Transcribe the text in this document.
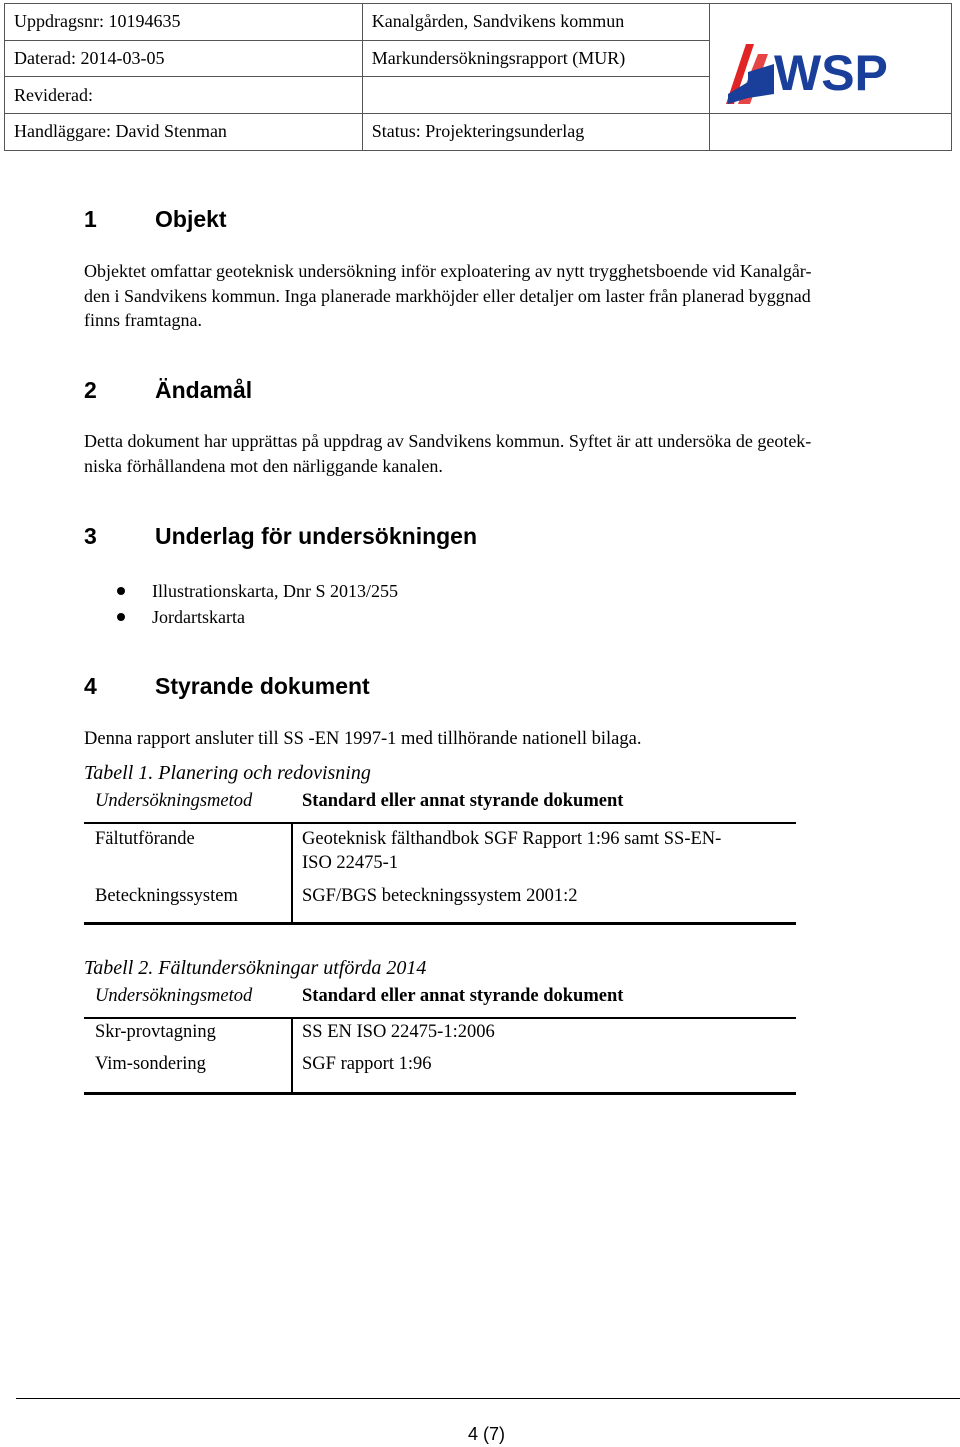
Uppdragsnr: 10194635	Kanalgården, Sandvikens kommun	WSP

Daterad: 2014-03-05	Markundersökningsrapport (MUR)	
Reviderad:		
Handläggare: David Stenman	Status: Projekteringsunderlag	
1	Objekt
Objektet omfattar geoteknisk undersökning inför exploatering av nytt trygghetsboende vid Kanalgår-
den i Sandvikens kommun. Inga planerade markhöjder eller detaljer om laster från planerad byggnad
finns framtagna.
2	Ändamål
Detta dokument har upprättas på uppdrag av Sandvikens kommun. Syftet är att undersöka de geotek-
niska förhållandena mot den närliggande kanalen.
3	Underlag för undersökningen
Illustrationskarta, Dnr S 2013/255
Jordartskarta
4	Styrande dokument
Denna rapport ansluter till SS -EN 1997-1 med tillhörande nationell bilaga.
Tabell 1. Planering och redovisning
Undersökningsmetod	Standard eller annat styrande dokument
Fältutförande	Geoteknisk fälthandbok SGF Rapport 1:96 samt SS-EN-
ISO 22475-1
Beteckningssystem	SGF/BGS beteckningssystem 2001:2
Tabell 2. Fältundersökningar utförda 2014
Undersökningsmetod	Standard eller annat styrande dokument
Skr-provtagning	SS EN ISO 22475-1:2006
Vim-sondering	SGF rapport 1:96
4 (7)
